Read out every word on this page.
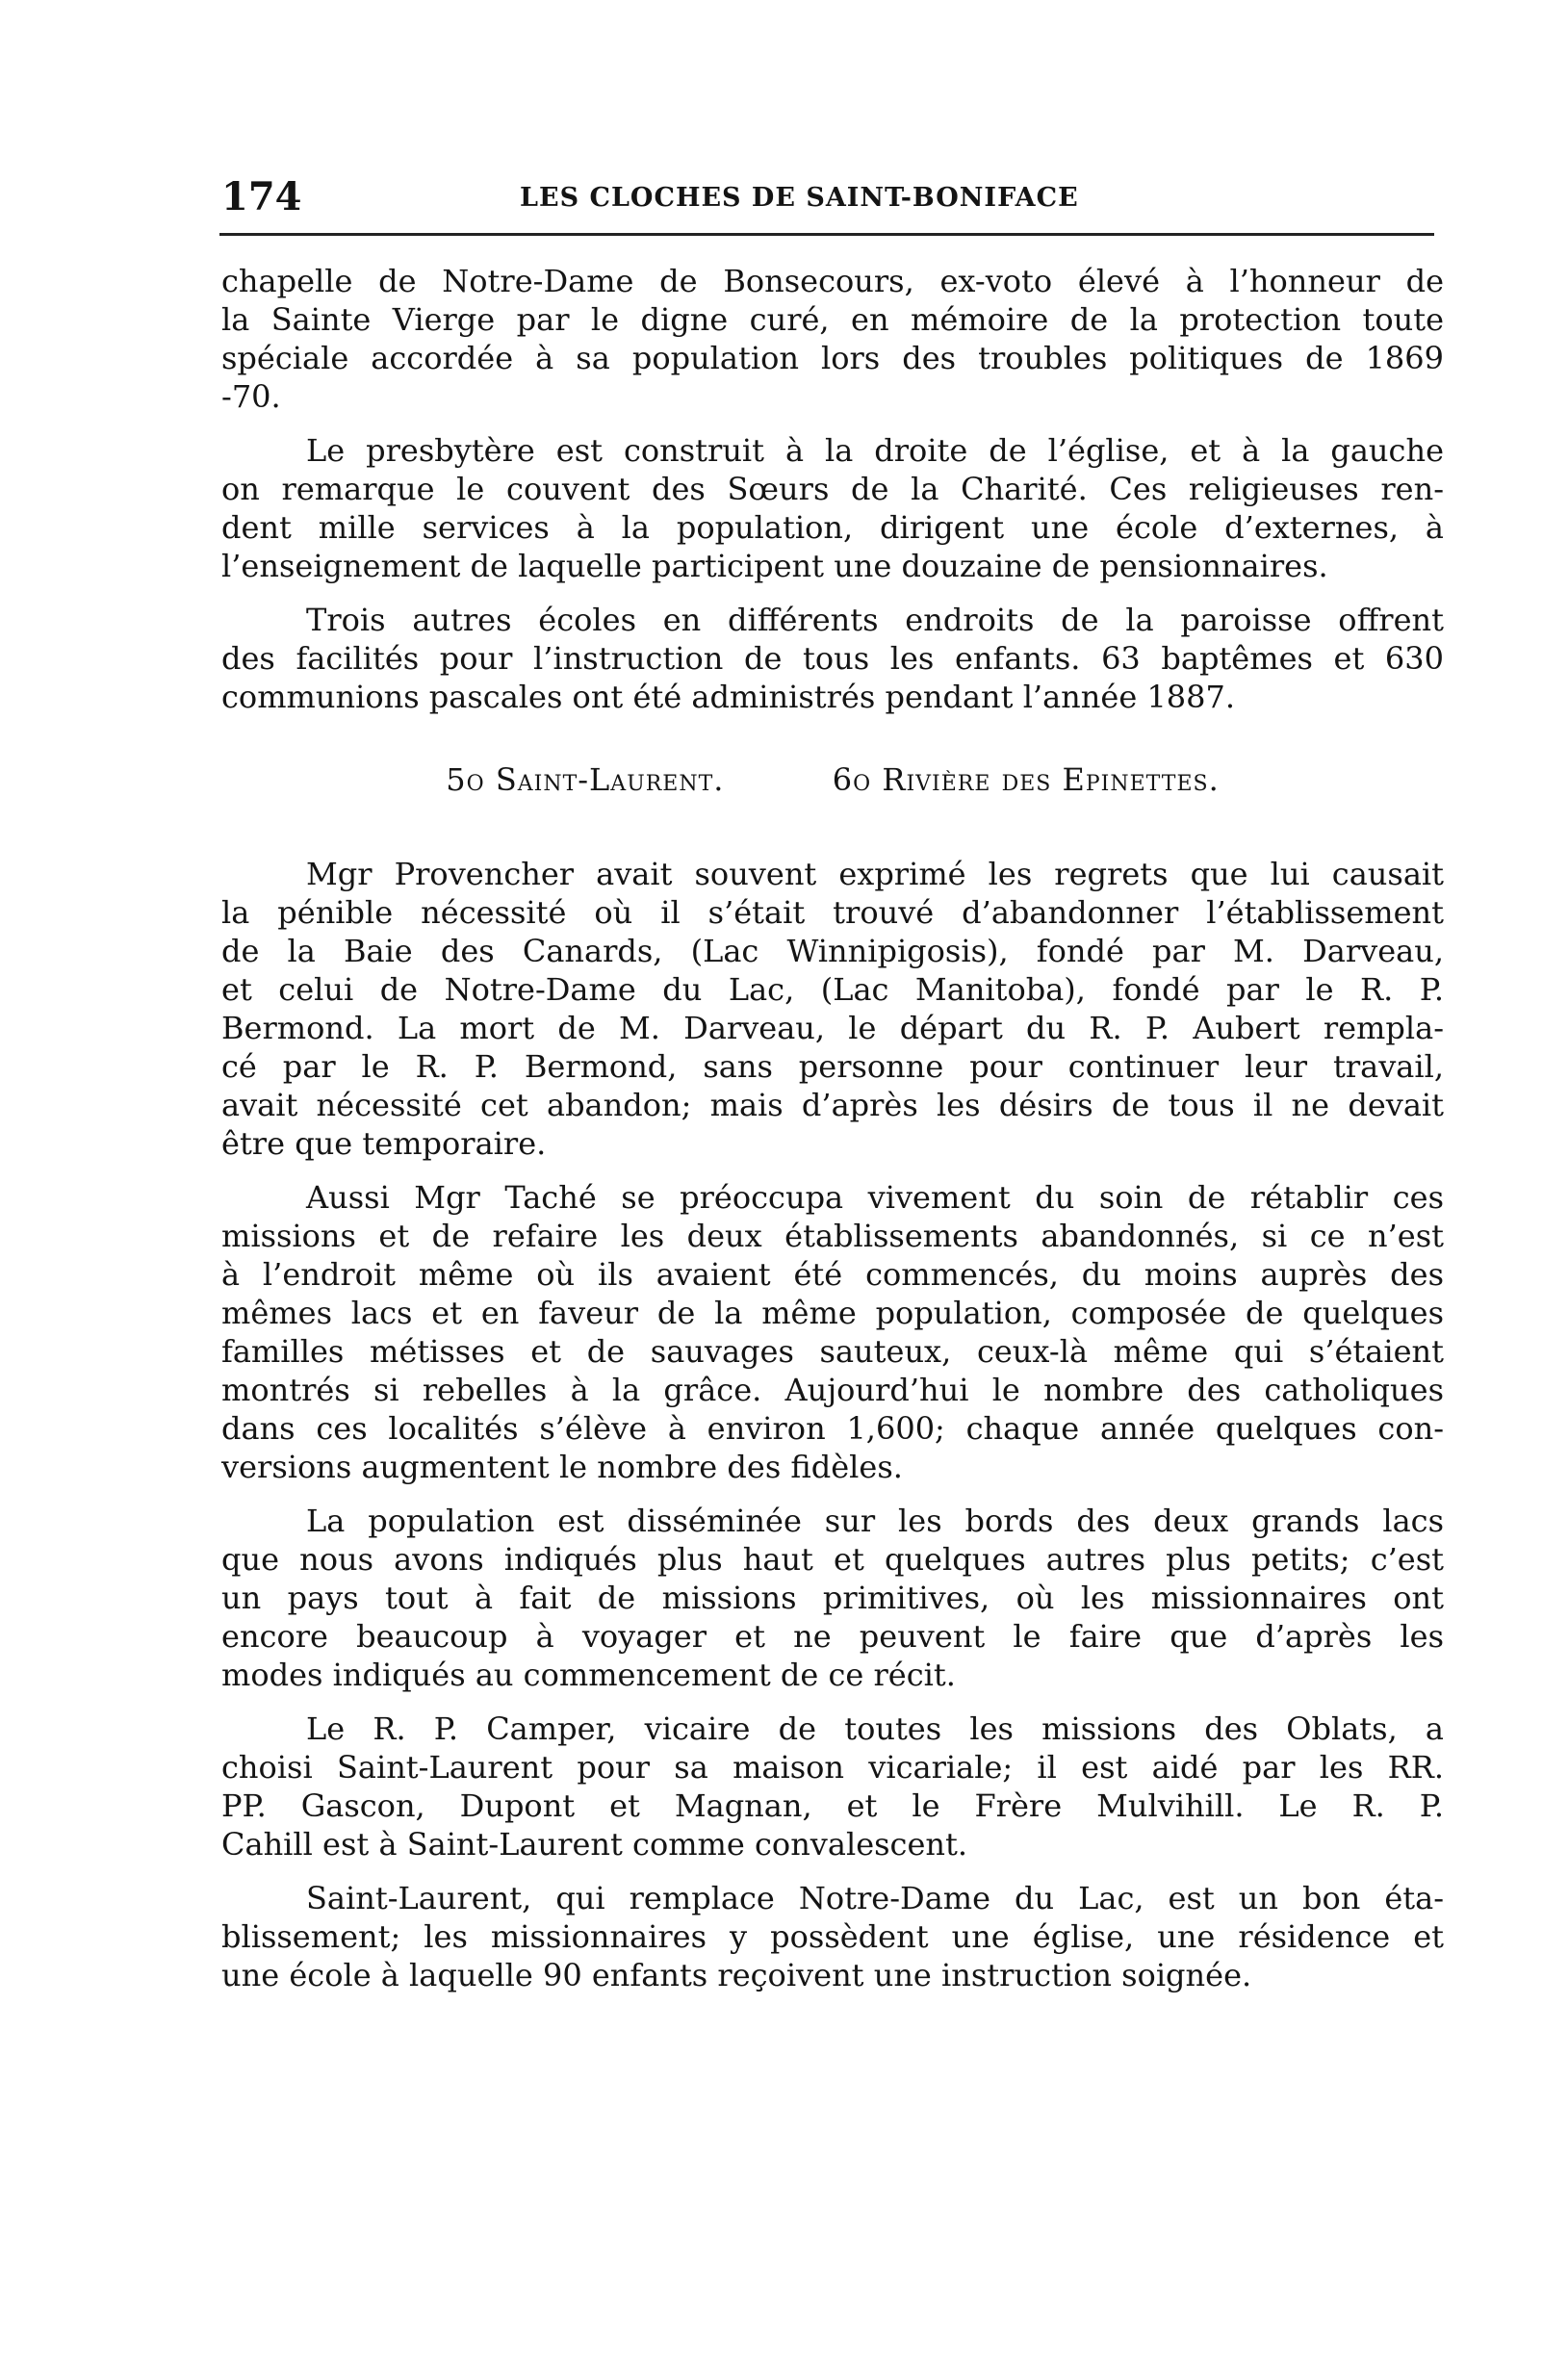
174	LES CLOCHES DE SAINT-BONIFACE

chapelle de Notre-Dame de Bonsecours, ex-voto élevé à l’honneur de
la Sainte Vierge par le digne curé, en mémoire de la protection toute
spéciale accordée à sa population lors des troubles politiques de 1869
-70.

Le presbytère est construit à la droite de l’église, et à la gauche
on remarque le couvent des Sœurs de la Charité. Ces religieuses ren-
dent mille services à la population, dirigent une école d’externes, à
l’enseignement de laquelle participent une douzaine de pensionnaires.

Trois autres écoles en différents endroits de la paroisse offrent
des facilités pour l’instruction de tous les enfants. 63 baptêmes et 630
communions pascales ont été administrés pendant l’année 1887.

5o Saint-Laurent.	6o Rivière des Epinettes.

Mgr Provencher avait souvent exprimé les regrets que lui causait
la pénible nécessité où il s’était trouvé d’abandonner l’établissement
de la Baie des Canards, (Lac Winnipigosis), fondé par M. Darveau,
et celui de Notre-Dame du Lac, (Lac Manitoba), fondé par le R. P.
Bermond. La mort de M. Darveau, le départ du R. P. Aubert rempla-
cé par le R. P. Bermond, sans personne pour continuer leur travail,
avait nécessité cet abandon; mais d’après les désirs de tous il ne devait
être que temporaire.

Aussi Mgr Taché se préoccupa vivement du soin de rétablir ces
missions et de refaire les deux établissements abandonnés, si ce n’est
à l’endroit même où ils avaient été commencés, du moins auprès des
mêmes lacs et en faveur de la même population, composée de quelques
familles métisses et de sauvages sauteux, ceux-là même qui s’étaient
montrés si rebelles à la grâce. Aujourd’hui le nombre des catholiques
dans ces localités s’élève à environ 1,600; chaque année quelques con-
versions augmentent le nombre des fidèles.

La population est disséminée sur les bords des deux grands lacs
que nous avons indiqués plus haut et quelques autres plus petits; c’est
un pays tout à fait de missions primitives, où les missionnaires ont
encore beaucoup à voyager et ne peuvent le faire que d’après les
modes indiqués au commencement de ce récit.

Le R. P. Camper, vicaire de toutes les missions des Oblats, a
choisi Saint-Laurent pour sa maison vicariale; il est aidé par les RR.
PP. Gascon, Dupont et Magnan, et le Frère Mulvihill. Le R. P.
Cahill est à Saint-Laurent comme convalescent.

Saint-Laurent, qui remplace Notre-Dame du Lac, est un bon éta-
blissement; les missionnaires y possèdent une église, une résidence et
une école à laquelle 90 enfants reçoivent une instruction soignée.
